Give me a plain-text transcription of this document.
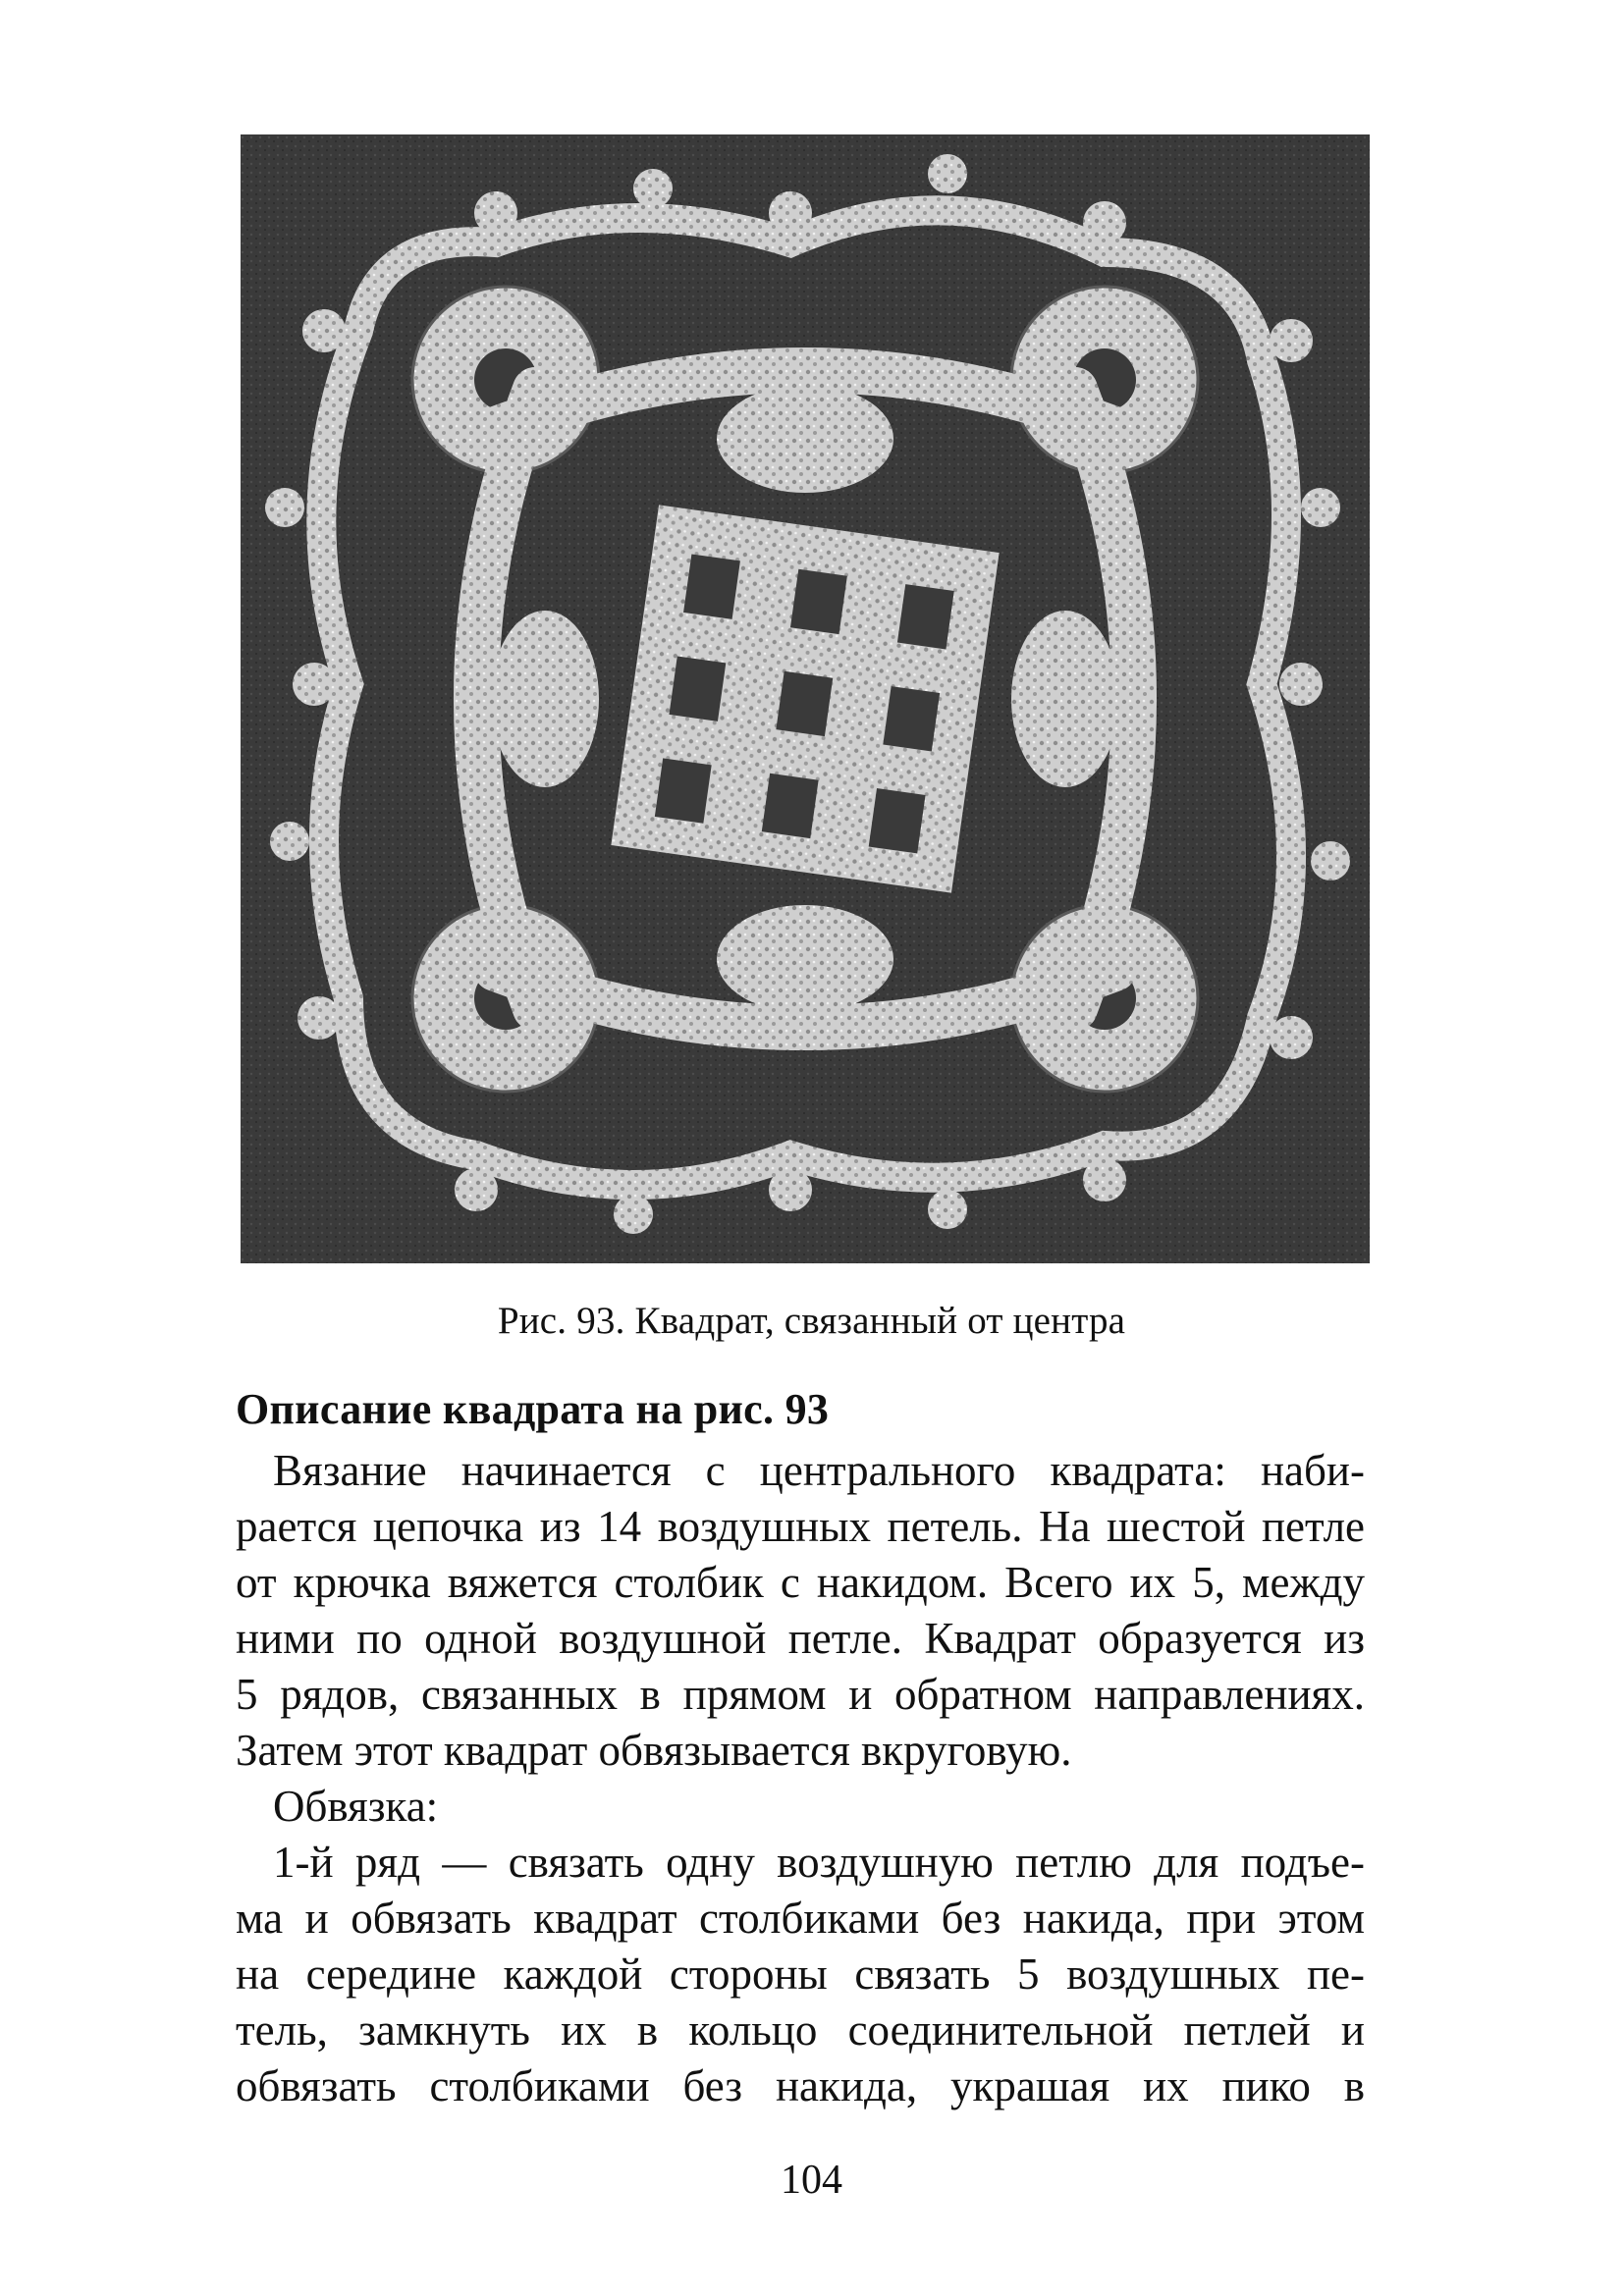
Рис. 93. Квадрат, связанный от центра
Описание квадрата на рис. 93
Вязание начинается с центрального квадрата: наби-
рается цепочка из 14 воздушных петель. На шестой петле
от крючка вяжется столбик с накидом. Всего их 5, между
ними по одной воздушной петле. Квадрат образуется из
5 рядов, связанных в прямом и обратном направлениях.
Затем этот квадрат обвязывается вкруговую.
Обвязка:
1-й ряд — связать одну воздушную петлю для подъе-
ма и обвязать квадрат столбиками без накида, при этом
на середине каждой стороны связать 5 воздушных пе-
тель, замкнуть их в кольцо соединительной петлей и
обвязать столбиками без накида, украшая их пико в
104
